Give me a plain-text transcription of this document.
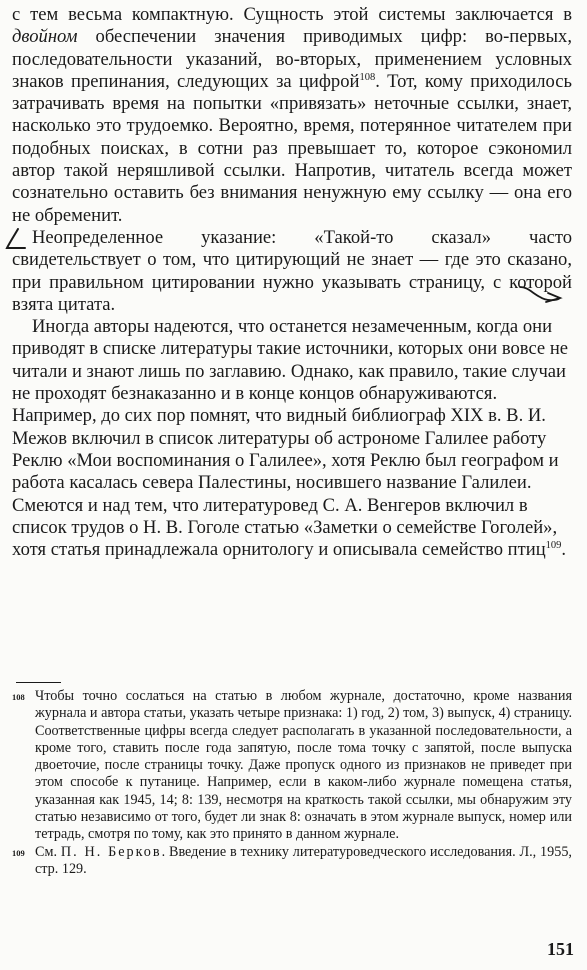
с тем весьма компактную. Сущность этой системы заключается в двойном обеспечении значения приводимых цифр: во-первых, последовательности указаний, во-вторых, применением условных знаков препинания, следующих за цифрой$^{108}$. Тот, кому приходилось затрачивать время на попытки «привязать» неточные ссылки, знает, насколько это трудоемко. Вероятно, время, потерянное читателем при подобных поисках, в сотни раз превышает то, которое сэкономил автор такой неряшливой ссылки. Напротив, читатель всегда может сознательно оставить без внимания ненужную ему ссылку — она его не обременит.

Неопределенное указание: «Такой-то сказал» часто свидетельствует о том, что цитирующий не знает — где это сказано, при правильном цитировании нужно указывать страницу, с которой взята цитата.

Иногда авторы надеются, что останется незамеченным, когда они приводят в списке литературы такие источники, которых они вовсе не читали и знают лишь по заглавию. Однако, как правило, такие случаи не проходят безнаказанно и в конце концов обнаруживаются. Например, до сих пор помнят, что видный библиограф XIX в. В. И. Межов включил в список литературы об астрономе Галилее работу Реклю «Мои воспоминания о Галилее», хотя Реклю был географом и работа касалась севера Палестины, носившего название Галилеи. Смеются и над тем, что литературовед С. А. Венгеров включил в список трудов о Н. В. Гоголе статью «Заметки о семействе Гоголей», хотя статья принадлежала орнитологу и описывала семейство птиц$^{109}$.

108 Чтобы точно сослаться на статью в любом журнале, достаточно, кроме названия журнала и автора статьи, указать четыре признака: 1) год, 2) том, 3) выпуск, 4) страницу. Соответственные цифры всегда следует располагать в указанной последовательности, а кроме того, ставить после года запятую, после тома точку с запятой, после выпуска двоеточие, после страницы точку. Даже пропуск одного из признаков не приведет при этом способе к путанице. Например, если в каком-либо журнале помещена статья, указанная как 1945, 14; 8: 139, несмотря на краткость такой ссылки, мы обнаружим эту статью независимо от того, будет ли знак 8: означать в этом журнале выпуск, номер или тетрадь, смотря по тому, как это принято в данном журнале.
109 См. П. Н. Берков. Введение в технику литературоведческого исследования. Л., 1955, стр. 129.
151
